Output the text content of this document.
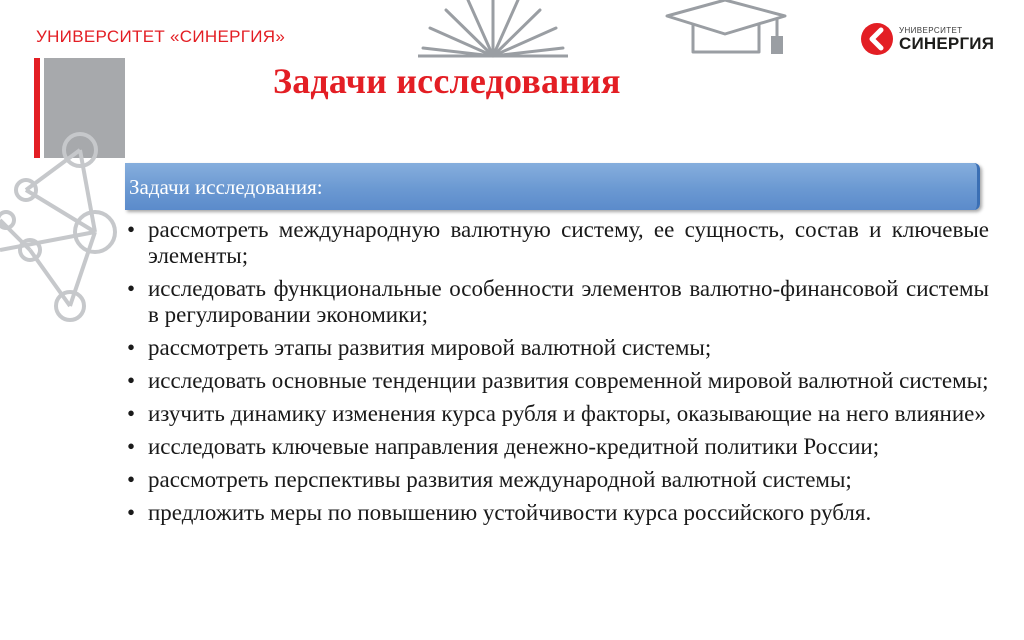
УНИВЕРСИТЕТ «СИНЕРГИЯ»	УНИВЕРСИТЕТ
СИНЕРГИЯ
Задачи исследования
Задачи исследования:
• рассмотреть международную валютную систему, ее сущность, состав и ключевые элементы;
• исследовать функциональные особенности элементов валютно-финансовой системы в регулировании экономики;
• рассмотреть этапы развития мировой валютной системы;
• исследовать основные тенденции развития современной мировой валютной системы;
• изучить динамику изменения курса рубля и факторы, оказывающие на него влияние»
• исследовать ключевые направления денежно-кредитной политики России;
• рассмотреть перспективы развития международной валютной системы;
• предложить меры по повышению устойчивости курса российского рубля.
